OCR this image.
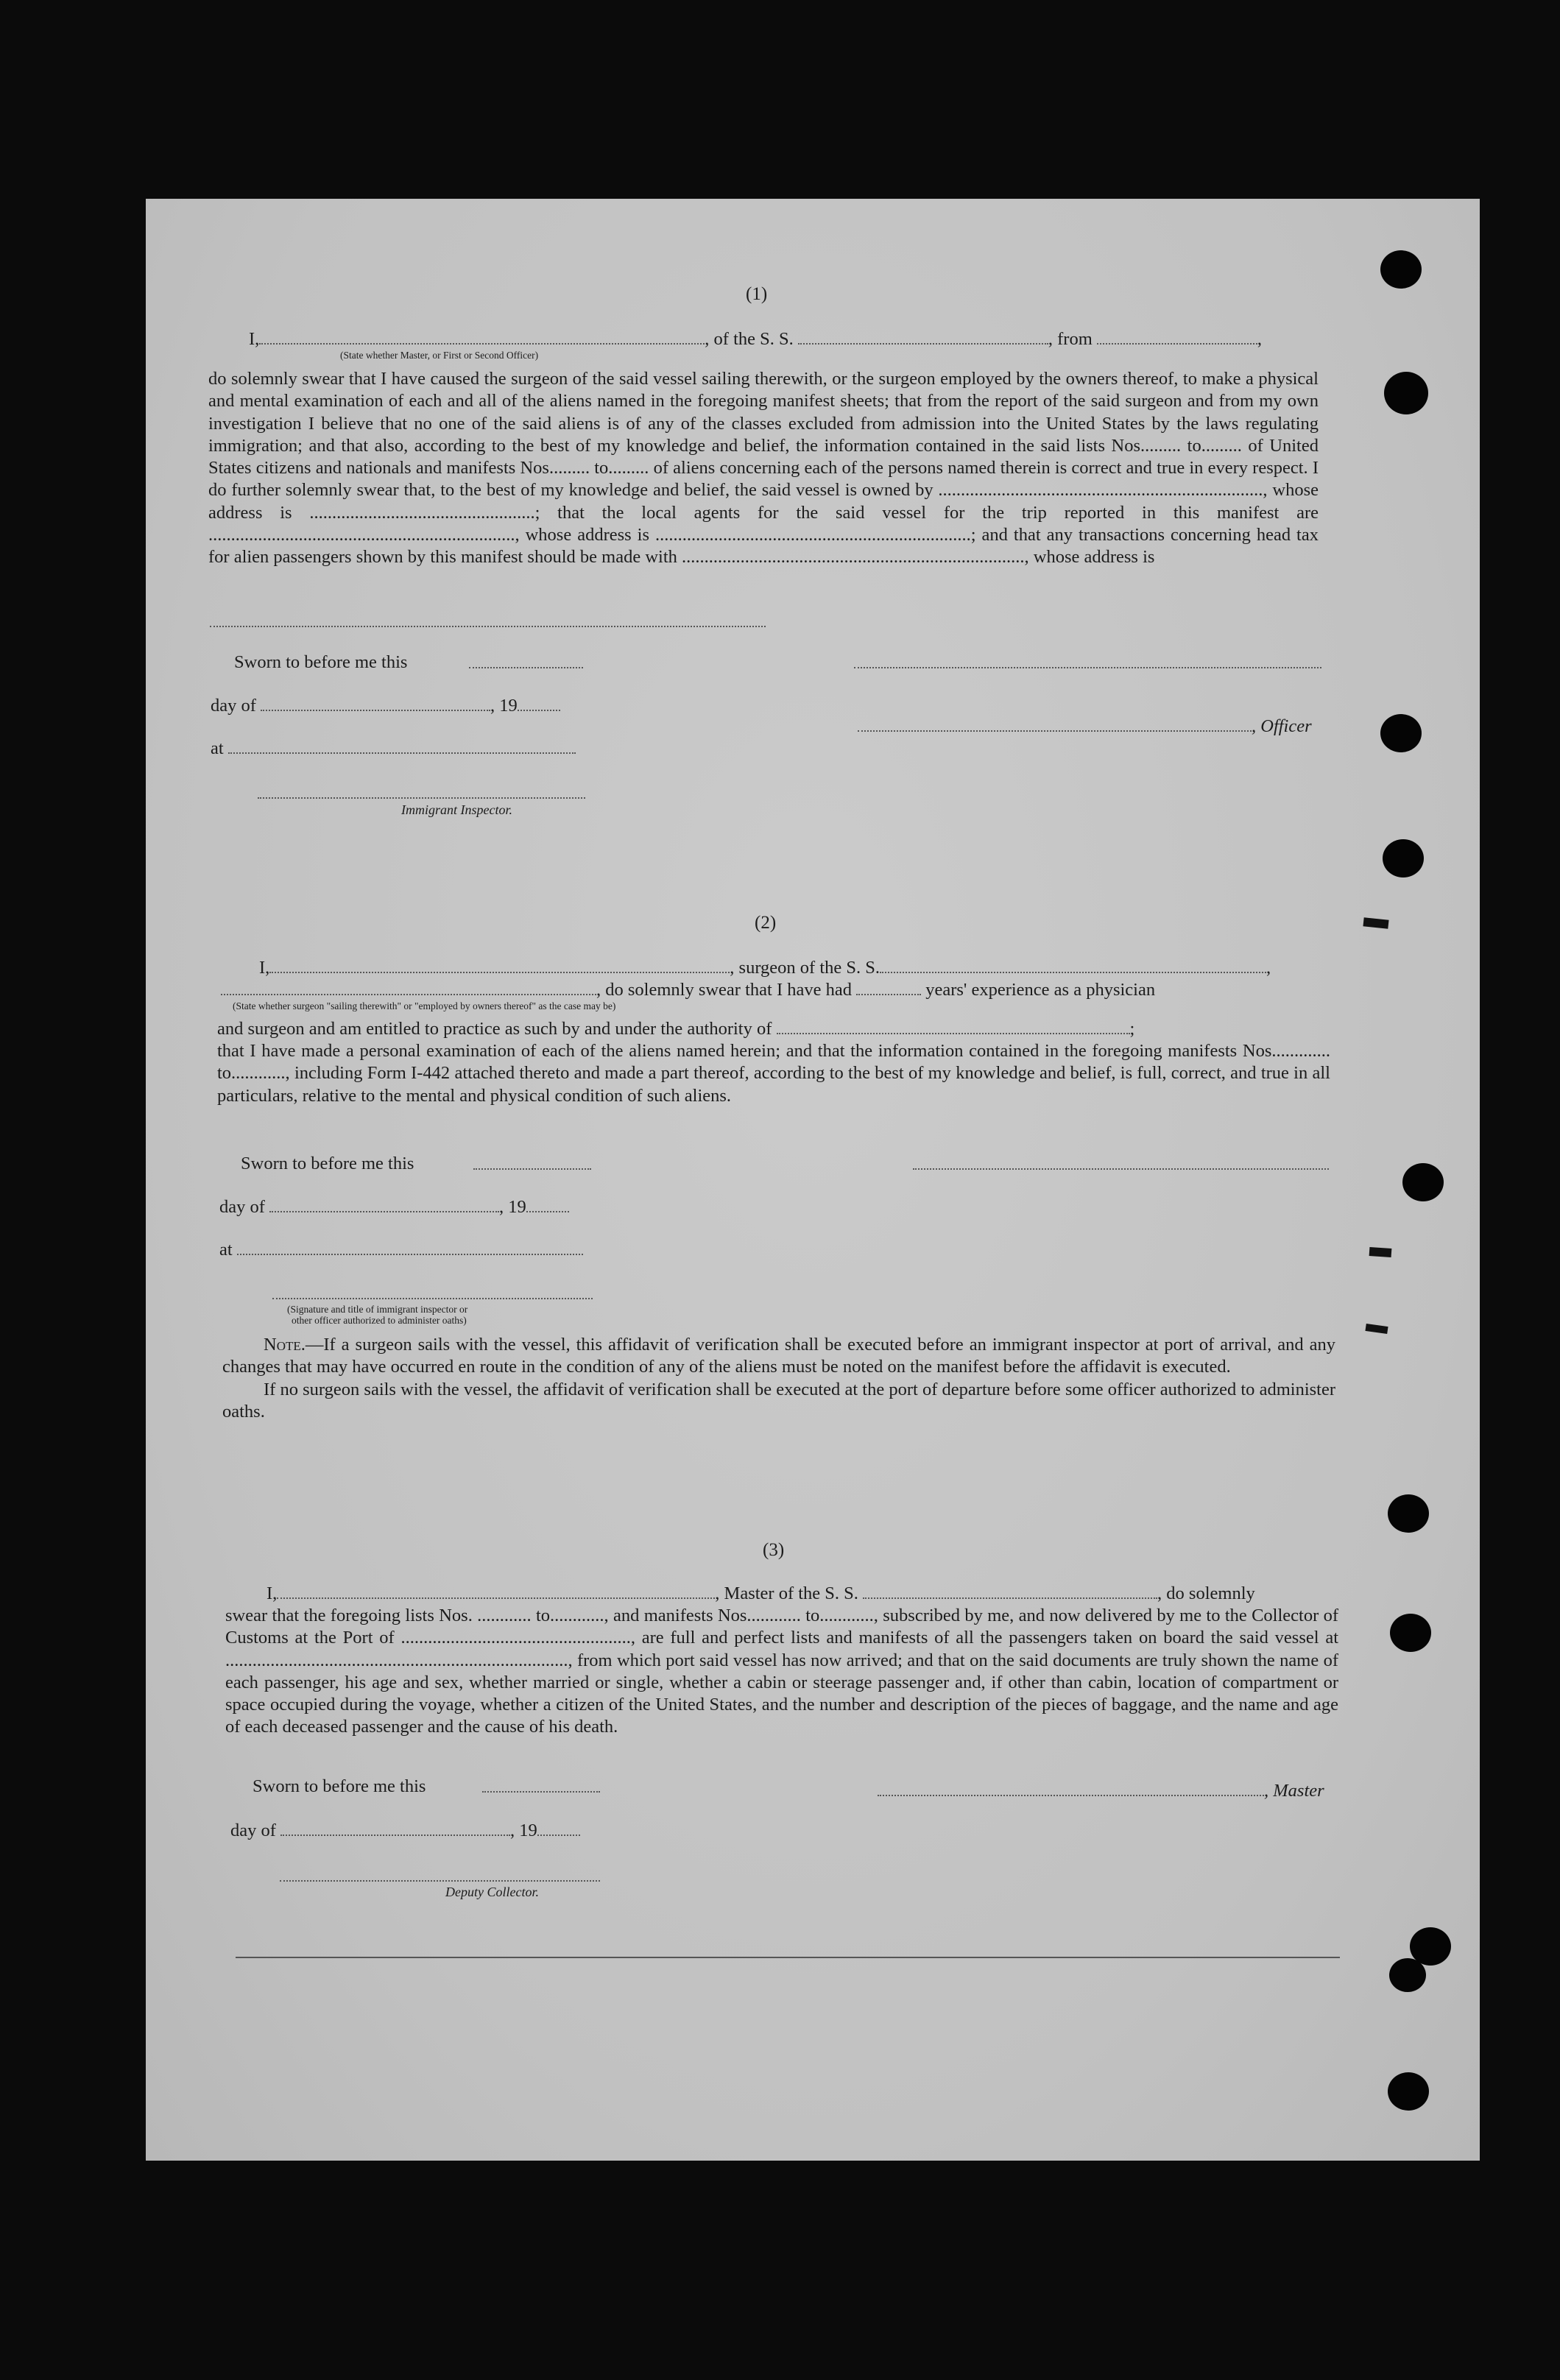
(1)
I,	, of the S. S.	, from	,
(State whether Master, or First or Second Officer)

do solemnly swear that I have caused the surgeon of the said vessel sailing therewith, or the surgeon employed by the owners thereof, to make a physical and mental examination of each and all of the aliens named in the foregoing manifest sheets; that from the report of the said surgeon and from my own investigation I believe that no one of the said aliens is of any of the classes excluded from admission into the United States by the laws regulating immigration; and that also, according to the best of my knowledge and belief, the information contained in the said lists Nos......... to......... of United States citizens and nationals and manifests Nos......... to......... of aliens concerning each of the persons named therein is correct and true in every respect. I do further solemnly swear that, to the best of my knowledge and belief, the said vessel is owned by ........................................................................, whose address is ..................................................; that the local agents for the said vessel for the trip reported in this manifest are ...................................................................., whose address is ......................................................................; and that any transactions concerning head tax for alien passengers shown by this manifest should be made with ............................................................................, whose address is

Sworn to before me this
day of	, 19
, Officer
at
Immigrant Inspector.
(2)
I,	, surgeon of the S. S.	,
, do solemnly swear that I have had	years' experience as a physician
(State whether surgeon "sailing therewith" or "employed by owners thereof" as the case may be)
and surgeon and am entitled to practice as such by and under the authority of	;

that I have made a personal examination of each of the aliens named herein; and that the information contained in the foregoing manifests Nos............. to............, including Form I-442 attached thereto and made a part thereof, according to the best of my knowledge and belief, is full, correct, and true in all particulars, relative to the mental and physical condition of such aliens.

Sworn to before me this
day of	, 19
at
(Signature and title of immigrant inspector or
other officer authorized to administer oaths)

Note.—If a surgeon sails with the vessel, this affidavit of verification shall be executed before an immigrant inspector at port of arrival, and any changes that may have occurred en route in the condition of any of the aliens must be noted on the manifest before the affidavit is executed.

If no surgeon sails with the vessel, the affidavit of verification shall be executed at the port of departure before some officer authorized to administer oaths.

(3)
I,	, Master of the S. S.	, do solemnly

swear that the foregoing lists Nos. ............ to............, and manifests Nos............ to............, subscribed by me, and now delivered by me to the Collector of Customs at the Port of ..................................................., are full and perfect lists and manifests of all the passengers taken on board the said vessel at ............................................................................, from which port said vessel has now arrived; and that on the said documents are truly shown the name of each passenger, his age and sex, whether married or single, whether a cabin or steerage passenger and, if other than cabin, location of compartment or space occupied during the voyage, whether a citizen of the United States, and the number and description of the pieces of baggage, and the name and age of each deceased passenger and the cause of his death.

Sworn to before me this	, Master
day of	, 19
Deputy Collector.
